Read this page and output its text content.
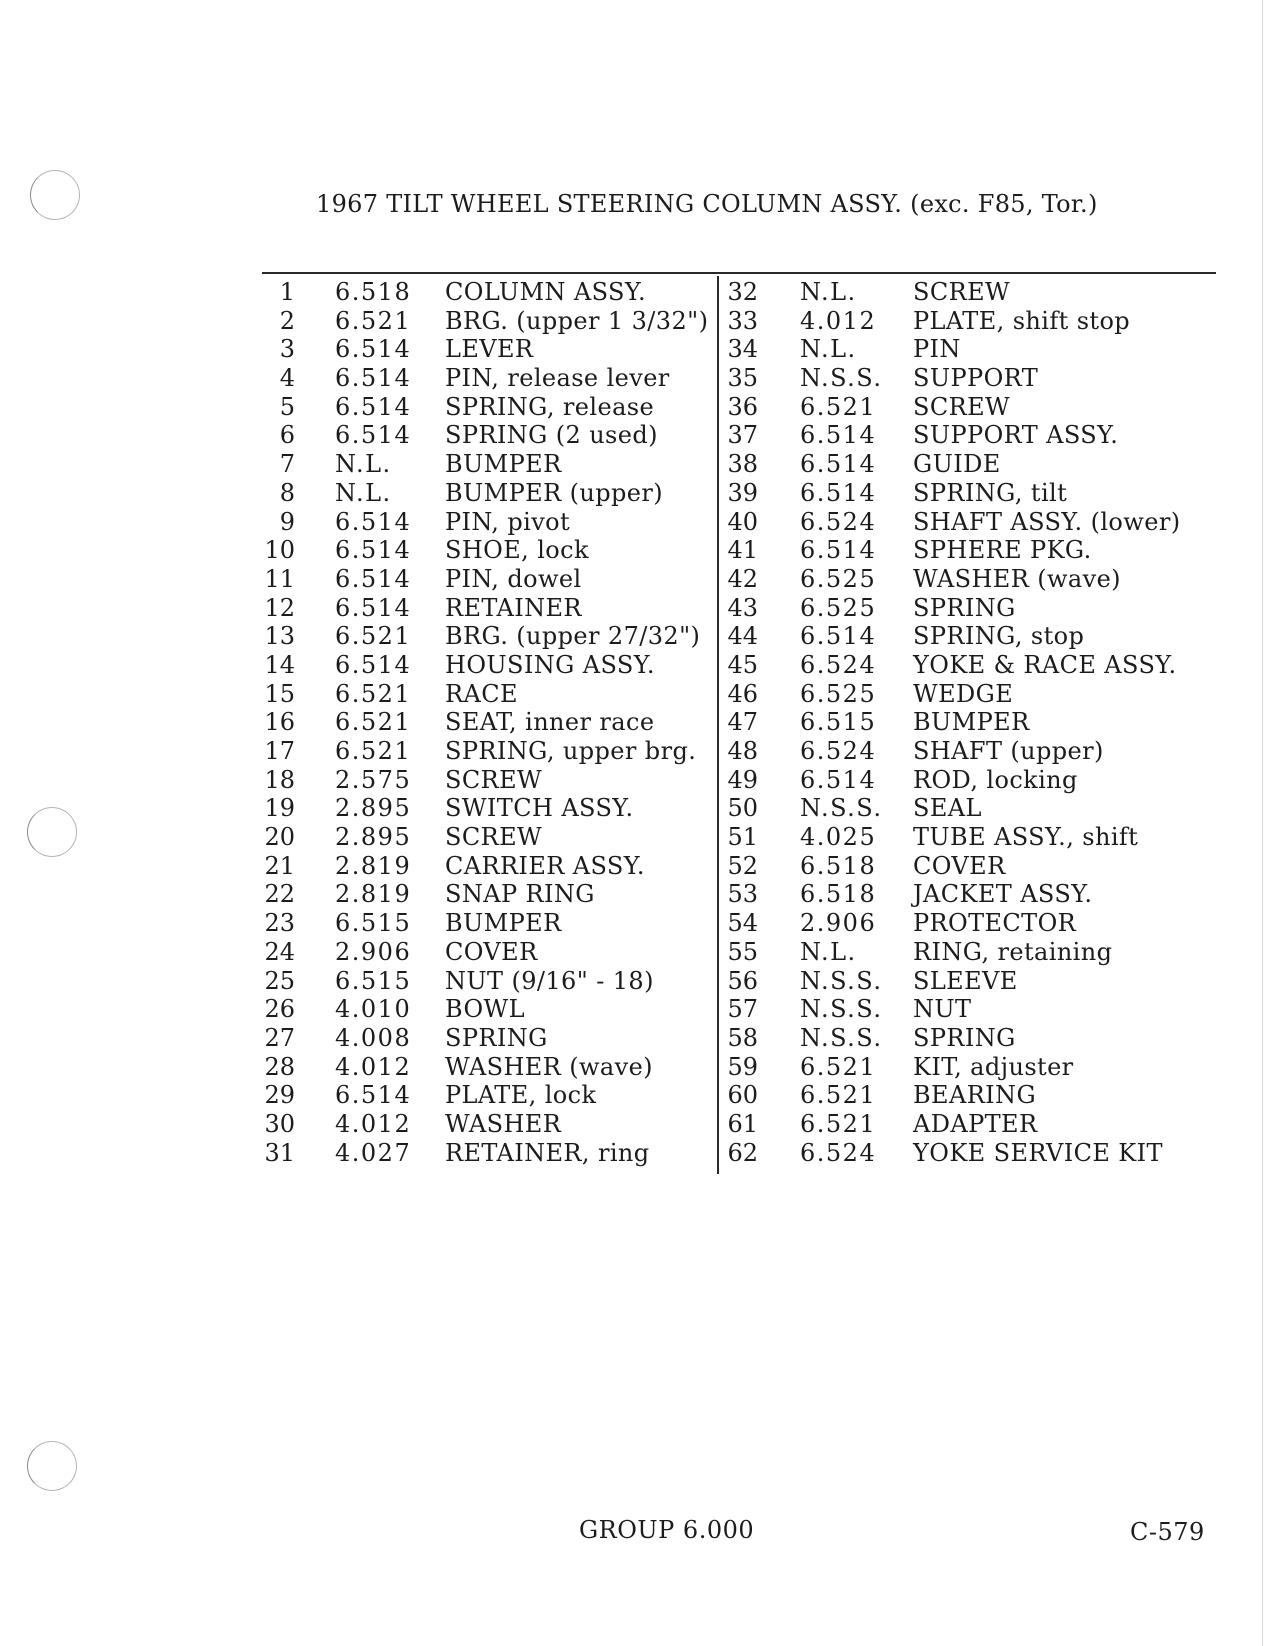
1967 TILT WHEEL STEERING COLUMN ASSY. (exc. F85, Tor.)
1 6.518 COLUMN ASSY.
2 6.521 BRG. (upper 1 3/32")
3 6.514 LEVER
4 6.514 PIN, release lever
5 6.514 SPRING, release
6 6.514 SPRING (2 used)
7 N.L. BUMPER
8 N.L. BUMPER (upper)
9 6.514 PIN, pivot
10 6.514 SHOE, lock
11 6.514 PIN, dowel
12 6.514 RETAINER
13 6.521 BRG. (upper 27/32")
14 6.514 HOUSING ASSY.
15 6.521 RACE
16 6.521 SEAT, inner race
17 6.521 SPRING, upper brg.
18 2.575 SCREW
19 2.895 SWITCH ASSY.
20 2.895 SCREW
21 2.819 CARRIER ASSY.
22 2.819 SNAP RING
23 6.515 BUMPER
24 2.906 COVER
25 6.515 NUT (9/16" - 18)
26 4.010 BOWL
27 4.008 SPRING
28 4.012 WASHER (wave)
29 6.514 PLATE, lock
30 4.012 WASHER
31 4.027 RETAINER, ring
32 N.L. SCREW
33 4.012 PLATE, shift stop
34 N.L. PIN
35 N.S.S. SUPPORT
36 6.521 SCREW
37 6.514 SUPPORT ASSY.
38 6.514 GUIDE
39 6.514 SPRING, tilt
40 6.524 SHAFT ASSY. (lower)
41 6.514 SPHERE PKG.
42 6.525 WASHER (wave)
43 6.525 SPRING
44 6.514 SPRING, stop
45 6.524 YOKE & RACE ASSY.
46 6.525 WEDGE
47 6.515 BUMPER
48 6.524 SHAFT (upper)
49 6.514 ROD, locking
50 N.S.S. SEAL
51 4.025 TUBE ASSY., shift
52 6.518 COVER
53 6.518 JACKET ASSY.
54 2.906 PROTECTOR
55 N.L. RING, retaining
56 N.S.S. SLEEVE
57 N.S.S. NUT
58 N.S.S. SPRING
59 6.521 KIT, adjuster
60 6.521 BEARING
61 6.521 ADAPTER
62 6.524 YOKE SERVICE KIT
GROUP 6.000	C-579
